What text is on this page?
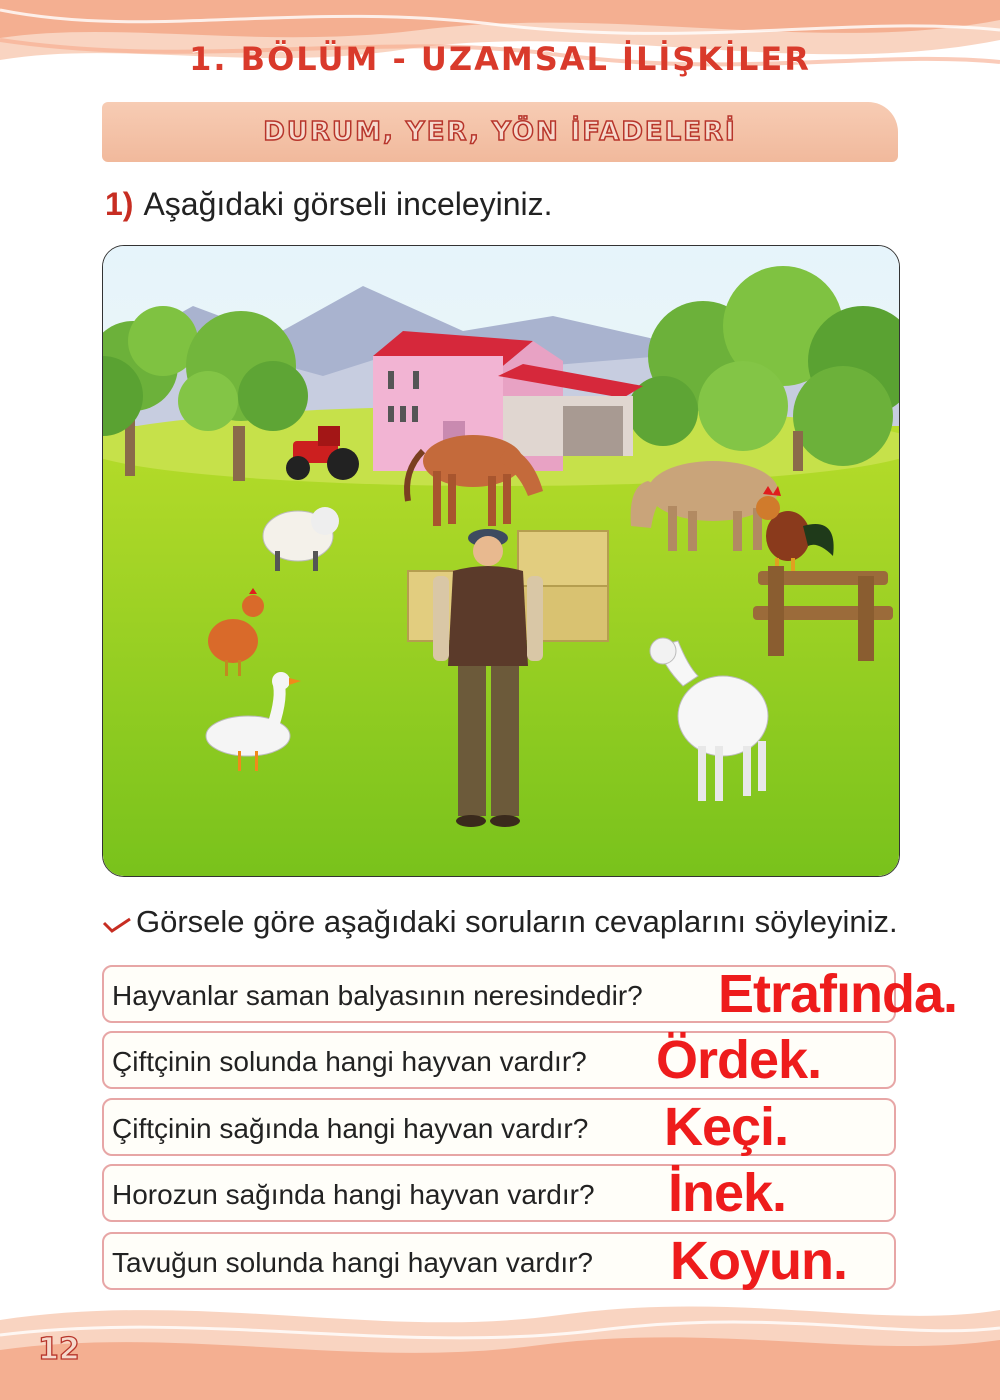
1. BÖLÜM - UZAMSAL İLİŞKİLER
DURUM, YER, YÖN İFADELERİ
1) Aşağıdaki görseli inceleyiniz.
Görsele göre aşağıdaki soruların cevaplarını söyleyiniz.
Hayvanlar saman balyasının neresindedir? Etrafında.
Çiftçinin solunda hangi hayvan vardır? Ördek.
Çiftçinin sağında hangi hayvan vardır? Keçi.
Horozun sağında hangi hayvan vardır? İnek.
Tavuğun solunda hangi hayvan vardır? Koyun.
12
